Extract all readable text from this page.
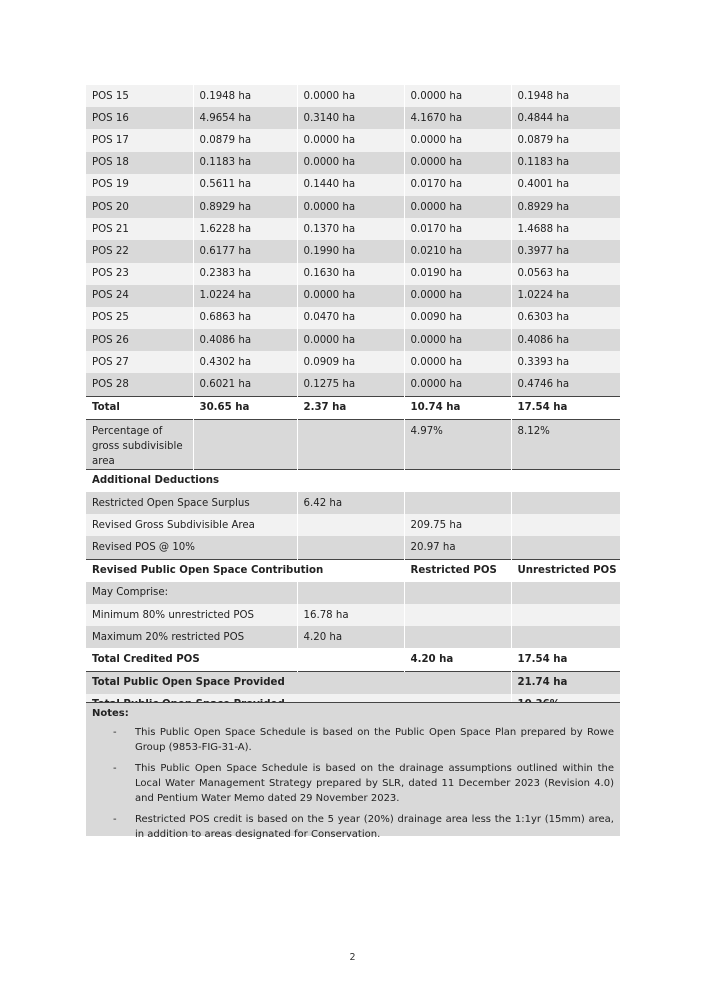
POS 15	0.1948 ha	0.0000 ha	0.0000 ha	0.1948 ha
POS 16	4.9654 ha	0.3140 ha	4.1670 ha	0.4844 ha
POS 17	0.0879 ha	0.0000 ha	0.0000 ha	0.0879 ha
POS 18	0.1183 ha	0.0000 ha	0.0000 ha	0.1183 ha
POS 19	0.5611 ha	0.1440 ha	0.0170 ha	0.4001 ha
POS 20	0.8929 ha	0.0000 ha	0.0000 ha	0.8929 ha
POS 21	1.6228 ha	0.1370 ha	0.0170 ha	1.4688 ha
POS 22	0.6177 ha	0.1990 ha	0.0210 ha	0.3977 ha
POS 23	0.2383 ha	0.1630 ha	0.0190 ha	0.0563 ha
POS 24	1.0224 ha	0.0000 ha	0.0000 ha	1.0224 ha
POS 25	0.6863 ha	0.0470 ha	0.0090 ha	0.6303 ha
POS 26	0.4086 ha	0.0000 ha	0.0000 ha	0.4086 ha
POS 27	0.4302 ha	0.0909 ha	0.0000 ha	0.3393 ha
POS 28	0.6021 ha	0.1275 ha	0.0000 ha	0.4746 ha
Total	30.65 ha	2.37 ha	10.74 ha	17.54 ha
Percentage of gross subdivisible area			4.97%	8.12%
Additional Deductions				
Restricted Open Space Surplus		6.42 ha		
Revised Gross Subdivisible Area			209.75 ha	
Revised POS @ 10%			20.97 ha	
Revised Public Open Space Contribution			Restricted POS	Unrestricted POS
May Comprise:				
Minimum 80% unrestricted POS		16.78 ha		
Maximum 20% restricted POS		4.20 ha		
Total Credited POS			4.20 ha	17.54 ha
Total Public Open Space Provided				21.74 ha

Notes:
- This Public Open Space Schedule is based on the Public Open Space Plan prepared by Rowe Group (9853-FIG-31-A).
- This Public Open Space Schedule is based on the drainage assumptions outlined within the Local Water Management Strategy prepared by SLR, dated 11 December 2023 (Revision 4.0) and Pentium Water Memo dated 29 November 2023.
- Restricted POS credit is based on the 5 year (20%) drainage area less the 1:1yr (15mm) area, in addition to areas designated for Conservation.
2
